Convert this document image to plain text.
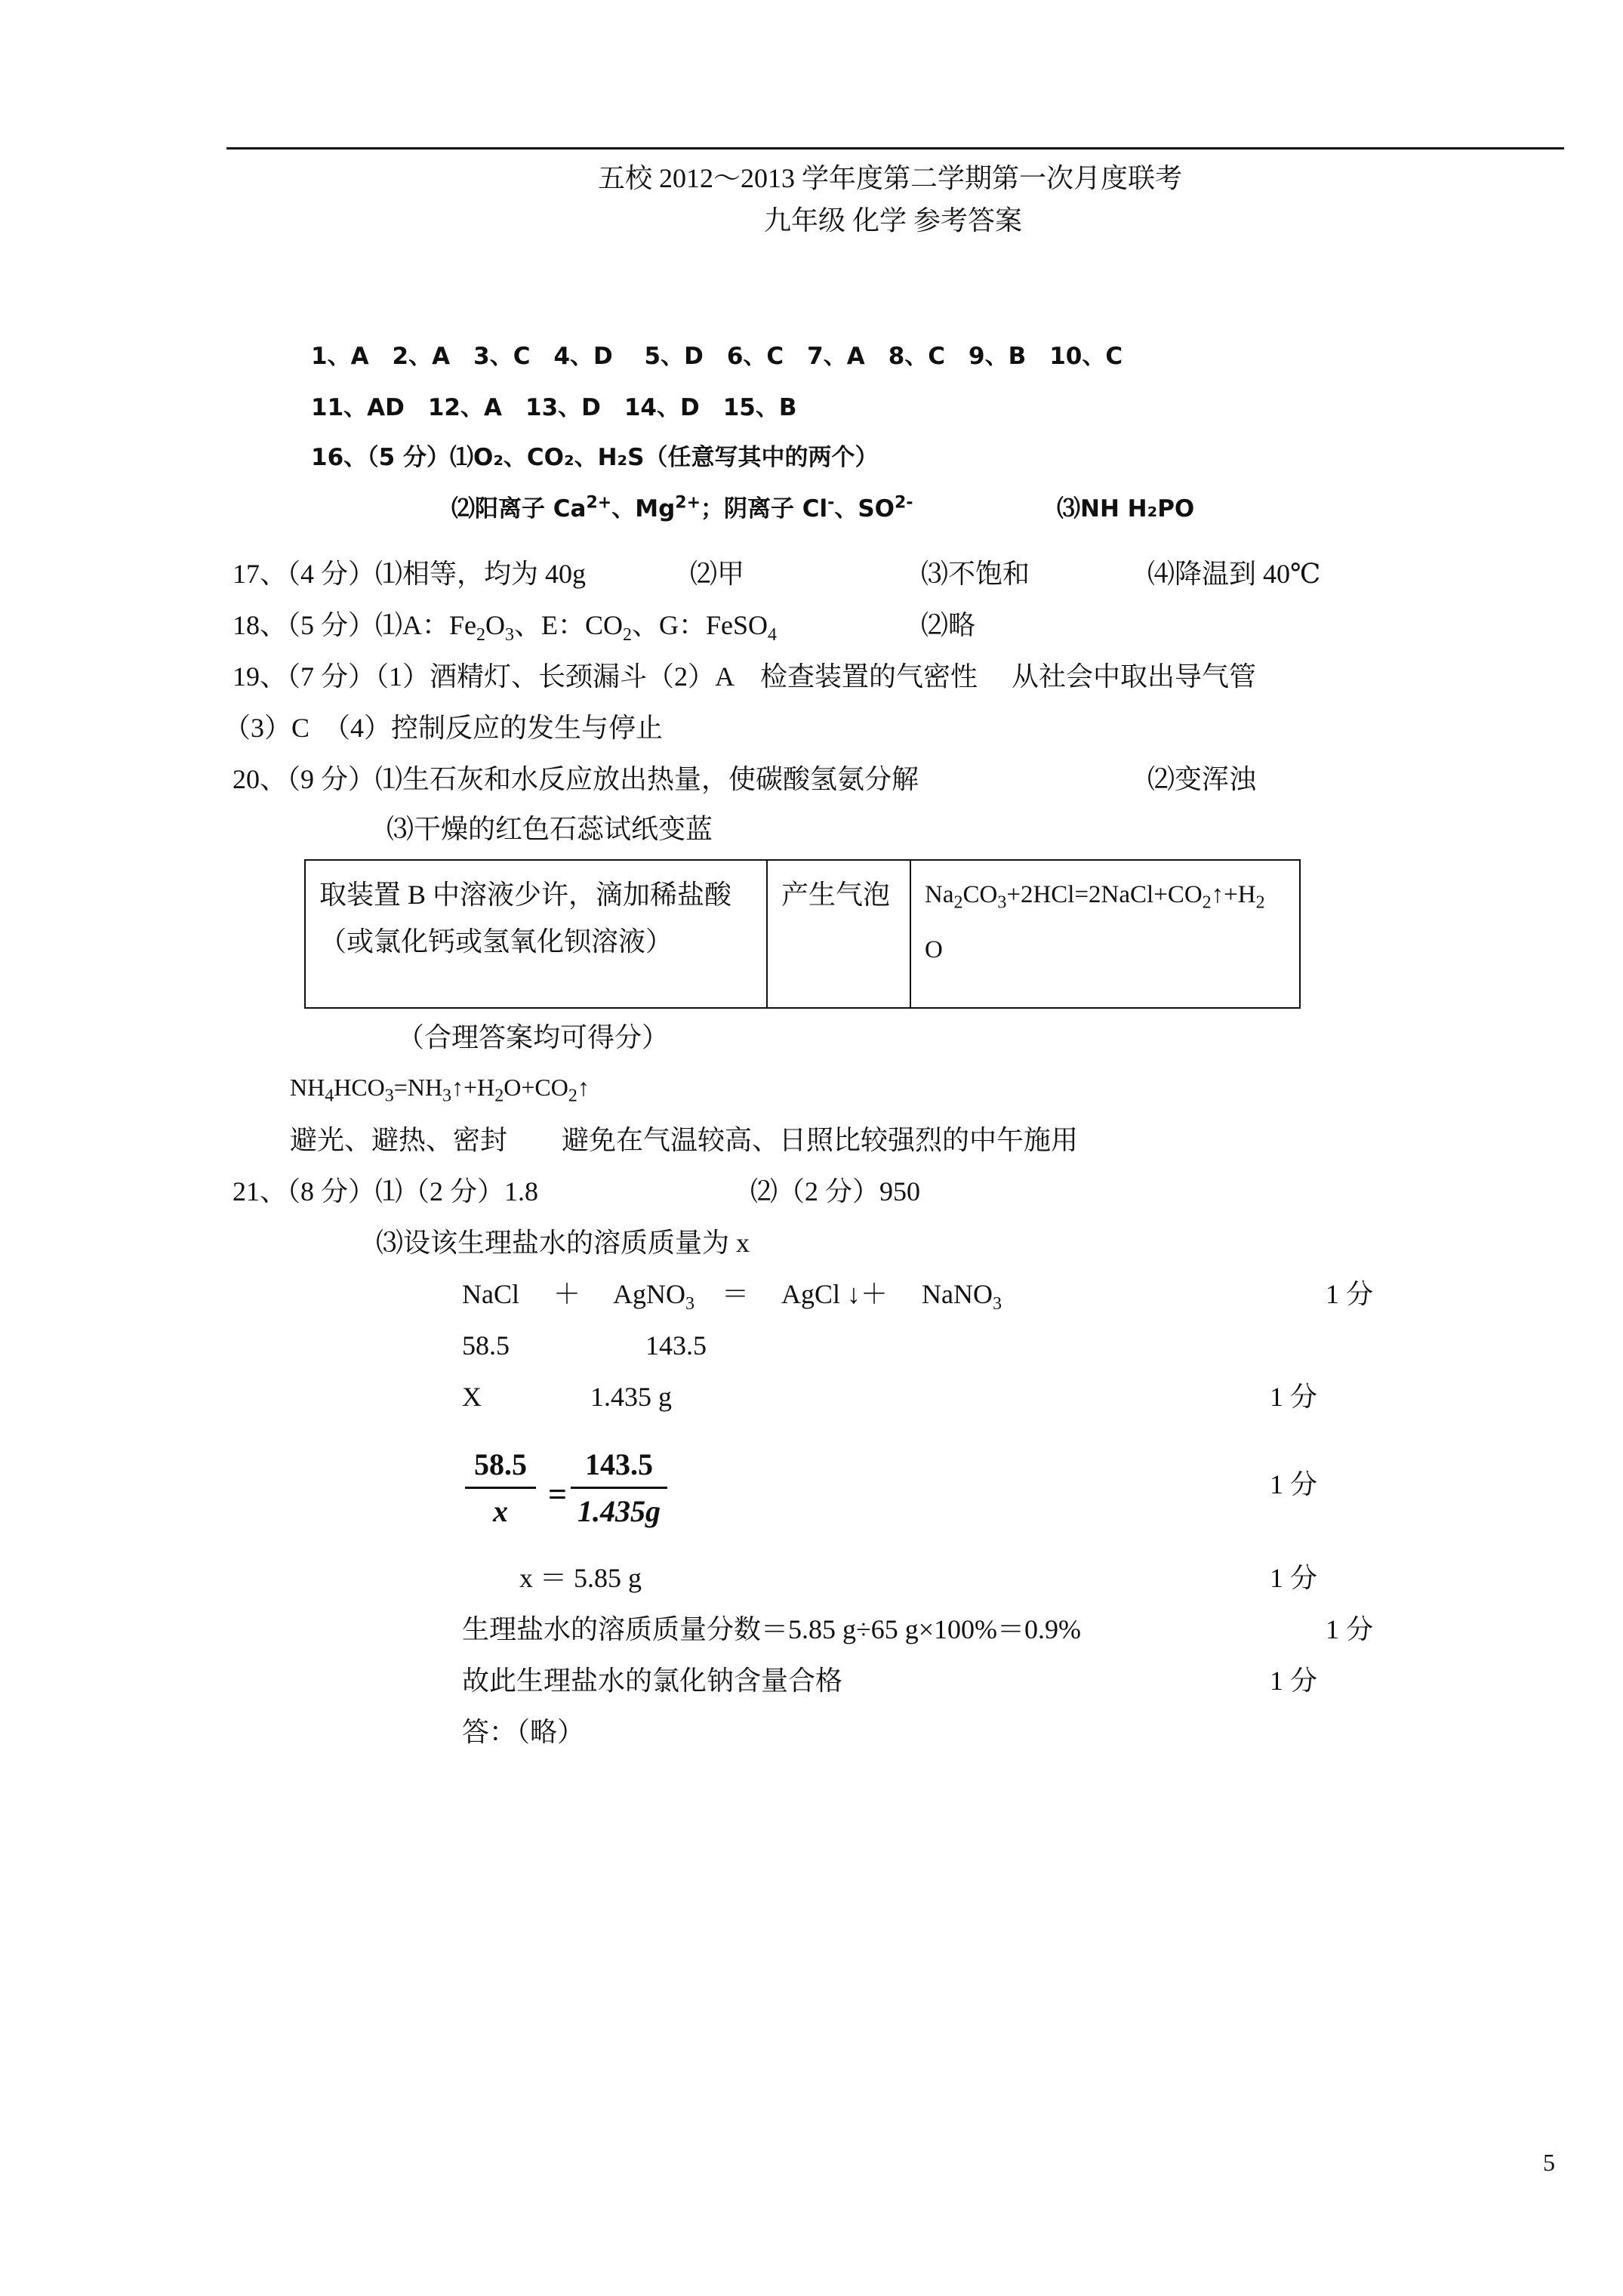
五校 2012～2013 学年度第二学期第一次月度联考
九年级 化学 参考答案
1、A　2、A　3、C　4、D　 5、D　6、C　7、A　8、C　9、B　10、C
11、AD　12、A　13、D　14、D　15、B
16、（5 分）⑴O₂、CO₂、H₂S（任意写其中的两个）
⑵阳离子 $Ca^{2+}$、$Mg^{2+}$；阴离子 Cl-、$SO^{2-}$	⑶NH H₂PO
17、（4 分）⑴相等，均为 40g	⑵甲	⑶不饱和	⑷降温到 40℃
18、（5 分）⑴A：$Fe_2O_3$、E：$CO_2$、G：FeSO$_4$	⑵略
19、（7 分）（1）酒精灯、长颈漏斗（2）A　检查装置的气密性　 从社会中取出导气管
（3）C　（4）控制反应的发生与停止
20、（9 分）⑴生石灰和水反应放出热量，使碳酸氢氨分解	⑵变浑浊
⑶干燥的红色石蕊试纸变蓝
取装置 B 中溶液少许，滴加稀盐酸（或氯化钙或氢氧化钡溶液）	产生气泡	$Na_2CO_3+2HCl=2NaCl+CO_2↑+H_2$
O
（合理答案均可得分）
$NH_4HCO_3=NH_3↑+H_2O+CO_2↑$
避光、避热、密封　　避免在气温较高、日照比较强烈的中午施用
21、（8 分）⑴（2 分）1.8	⑵（2 分）950
⑶设该生理盐水的溶质质量为 x
NaCl　 ＋　 AgNO$_3$　 ＝　 AgCl ↓＋　 NaNO$_3$	1 分
58.5　　　　　143.5
X　　　　1.435 g	1 分
58.5
x	=
143.5
1.435g
1 分
x ＝ 5.85 g	1 分
生理盐水的溶质质量分数＝5.85 g÷65 g×100%＝0.9%	1 分
故此生理盐水的氯化钠含量合格	1 分
答：（略）
5
